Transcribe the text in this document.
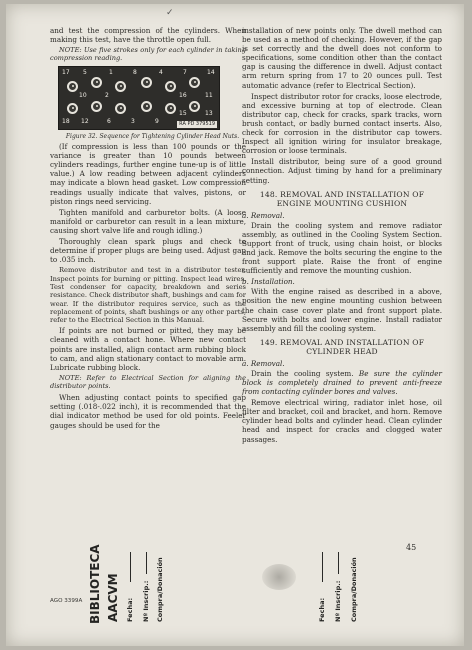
✓

and test the compression of the cylinders. When making this test, have the throttle open full.

NOTE: Use five strokes only for each cylinder in taking compression reading.

17 5	1	8	4	7	14
10	2	16
18 12	6	3	9
15
11
13
RA PD 379519

Figure 32. Sequence for Tightening Cylinder Head Nuts.

(If compression is less than 100 pounds or the variance is greater than 10 pounds between cylinders readings, further engine tune-up is of little value.) A low reading between adjacent cylinders may indicate a blown head gasket. Low compression readings usually indicate that valves, pistons, or piston rings need servicing.

Tighten manifold and carburetor bolts. (A loose manifold or carburetor can result in a lean mixture, causing short valve life and rough idling.)

Thoroughly clean spark plugs and check to determine if proper plugs are being used. Adjust gap to .035 inch.

Remove distributor and test in a distributor tester. Inspect points for burning or pitting. Inspect lead wires. Test condenser for capacity, breakdown and series resistance. Check distributor shaft, bushings and cam for wear. If the distributor requires service, such as the replacement of points, shaft bushings or any other parts, refer to the Electrical Section in this Manual.

If points are not burned or pitted, they may be cleaned with a contact hone. Where new contact points are installed, align contact arm rubbing block to cam, and align stationary contact to movable arm. Lubricate rubbing block.

NOTE: Refer to Electrical Section for aligning the distributor points.

When adjusting contact points to specified gap setting (.018-.022 inch), it is recommended that the dial indicator method be used for old points. Feeler gauges should be used for the

installation of new points only. The dwell method can be used as a method of checking. However, if the gap is set correctly and the dwell does not conform to specifications, some condition other than the contact gap is causing the difference in dwell. Adjust contact arm return spring from 17 to 20 ounces pull. Test automatic advance (refer to Electrical Section).

Inspect distributor rotor for cracks, loose electrode, and excessive burning at top of electrode. Clean distributor cap, check for cracks, spark tracks, worn brush contact, or badly burned contact inserts. Also, check for corrosion in the distributor cap towers. Inspect all ignition wiring for insulator breakage, corrosion or loose terminals.

Install distributor, being sure of a good ground connection. Adjust timing by hand for a preliminary setting.

148. REMOVAL AND INSTALLATION OF ENGINE MOUNTING CUSHION

a. Removal.

Drain the cooling system and remove radiator assembly, as outlined in the Cooling System Section. Support front of truck, using chain hoist, or blocks and jack. Remove the bolts securing the engine to the front support plate. Raise the front of engine sufficiently and remove the mounting cushion.

b. Installation.

With the engine raised as described in a above, position the new engine mounting cushion between the chain case cover plate and front support plate. Secure with bolts and lower engine. Install radiator assembly and fill the cooling system.

149. REMOVAL AND INSTALLATION OF CYLINDER HEAD

a. Removal.

Drain the cooling system. Be sure the cylinder block is completely drained to prevent anti-freeze from contacting cylinder bores and valves.

Remove electrical wiring, radiator inlet hose, oil filter and bracket, coil and bracket, and horn. Remove cylinder head bolts and cylinder head. Clean cylinder head and inspect for cracks and clogged water passages.

AGO 3399A
45
BIBLIOTECA AACVM Fecha: Nº Inscrip.: Compra/Donación	Fecha: Nº Inscrip.: Compra/Donación
